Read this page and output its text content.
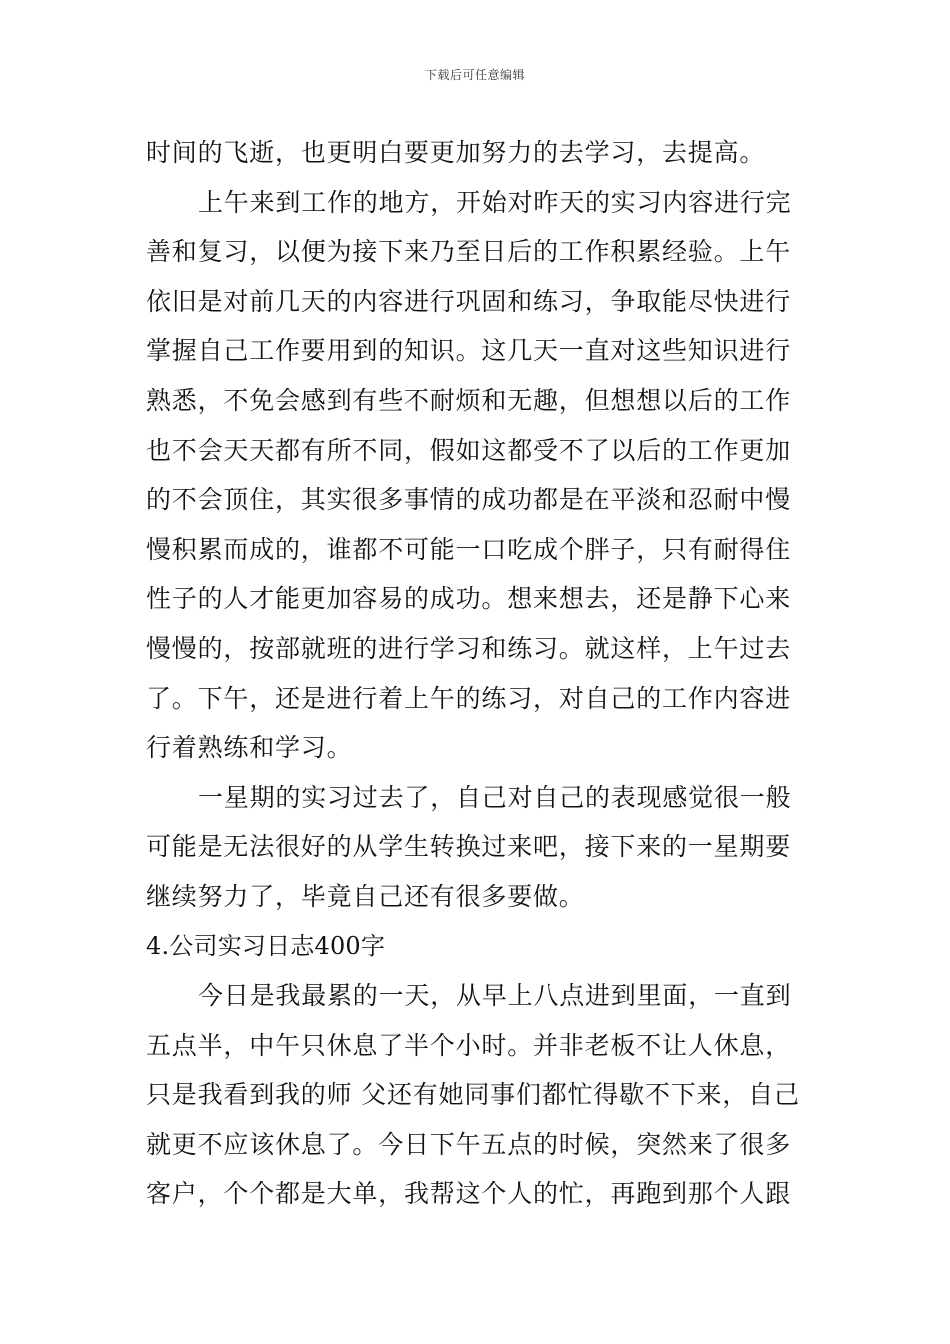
下载后可任意编辑
时间的飞逝，也更明白要更加努力的去学习，去提高。
上午来到工作的地方，开始对昨天的实习内容进行完
善和复习，以便为接下来乃至日后的工作积累经验。上午
依旧是对前几天的内容进行巩固和练习，争取能尽快进行
掌握自己工作要用到的知识。这几天一直对这些知识进行
熟悉，不免会感到有些不耐烦和无趣，但想想以后的工作
也不会天天都有所不同，假如这都受不了以后的工作更加
的不会顶住，其实很多事情的成功都是在平淡和忍耐中慢
慢积累而成的，谁都不可能一口吃成个胖子，只有耐得住
性子的人才能更加容易的成功。想来想去，还是静下心来
慢慢的，按部就班的进行学习和练习。就这样，上午过去
了。下午，还是进行着上午的练习，对自己的工作内容进
行着熟练和学习。
一星期的实习过去了，自己对自己的表现感觉很一般
可能是无法很好的从学生转换过来吧，接下来的一星期要
继续努力了，毕竟自己还有很多要做。
4.公司实习日志400字
今日是我最累的一天，从早上八点进到里面，一直到
五点半，中午只休息了半个小时。并非老板不让人休息，
只是我看到我的师 父还有她同事们都忙得歇不下来，自己
就更不应该休息了。今日下午五点的时候，突然来了很多
客户，个个都是大单，我帮这个人的忙，再跑到那个人跟
